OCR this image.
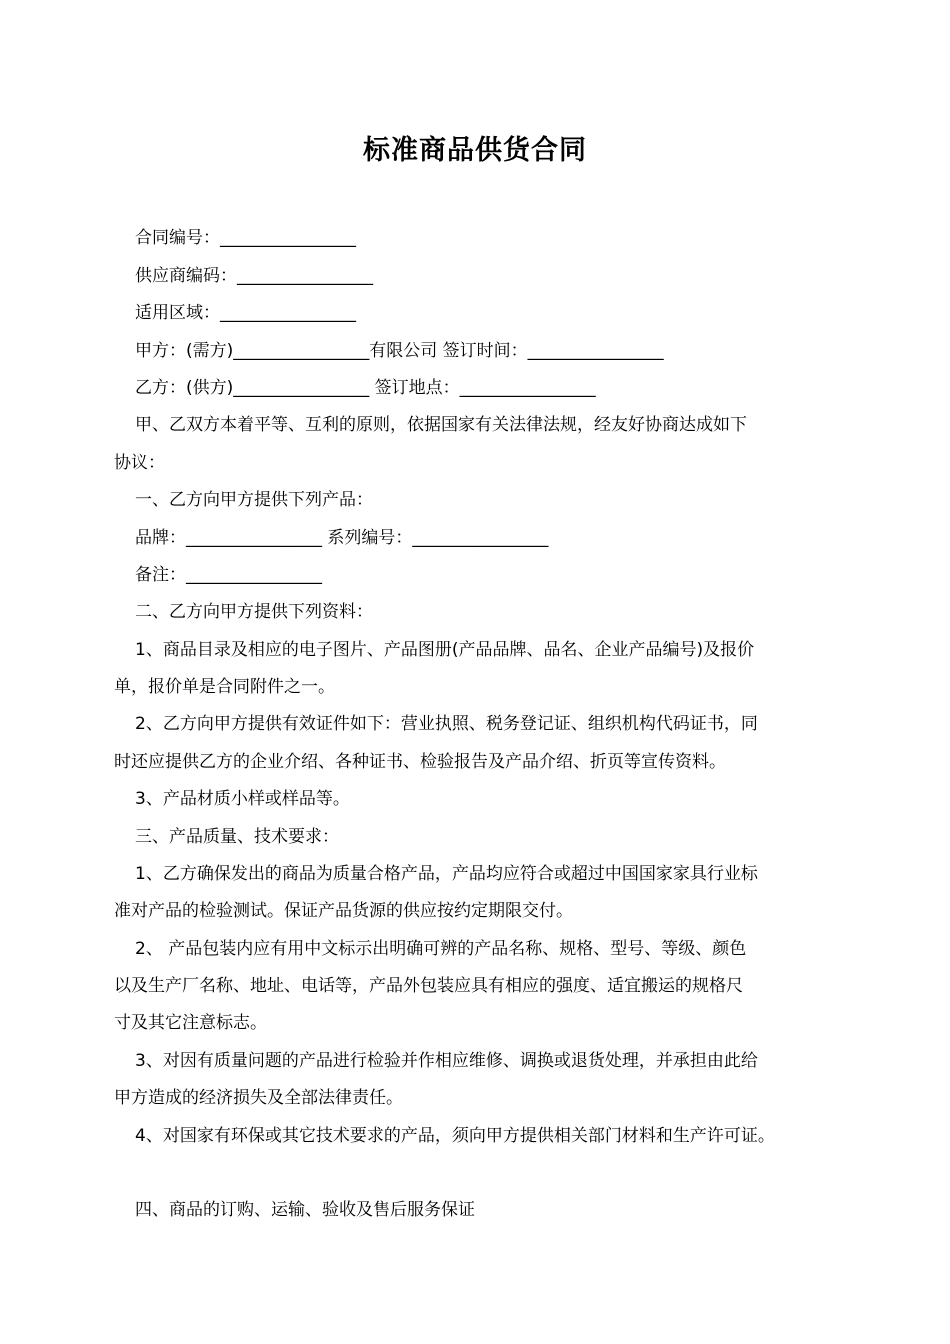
标准商品供货合同
合同编号：________________
供应商编码：________________
适用区域：________________
甲方：(需方)________________有限公司 签订时间：________________
乙方：(供方)________________ 签订地点：________________
甲、乙双方本着平等、互利的原则，依据国家有关法律法规，经友好协商达成如下
协议：
一、乙方向甲方提供下列产品：
品牌：________________ 系列编号：________________
备注：________________
二、乙方向甲方提供下列资料：
1、商品目录及相应的电子图片、产品图册(产品品牌、品名、企业产品编号)及报价
单，报价单是合同附件之一。
2、乙方向甲方提供有效证件如下：营业执照、税务登记证、组织机构代码证书，同
时还应提供乙方的企业介绍、各种证书、检验报告及产品介绍、折页等宣传资料。
3、产品材质小样或样品等。
三、产品质量、技术要求：
1、乙方确保发出的商品为质量合格产品，产品均应符合或超过中国国家家具行业标
准对产品的检验测试。保证产品货源的供应按约定期限交付。
2、 产品包装内应有用中文标示出明确可辨的产品名称、规格、型号、等级、颜色
以及生产厂名称、地址、电话等，产品外包装应具有相应的强度、适宜搬运的规格尺
寸及其它注意标志。
3、对因有质量问题的产品进行检验并作相应维修、调换或退货处理，并承担由此给
甲方造成的经济损失及全部法律责任。
4、对国家有环保或其它技术要求的产品，须向甲方提供相关部门材料和生产许可证。
四、商品的订购、运输、验收及售后服务保证
